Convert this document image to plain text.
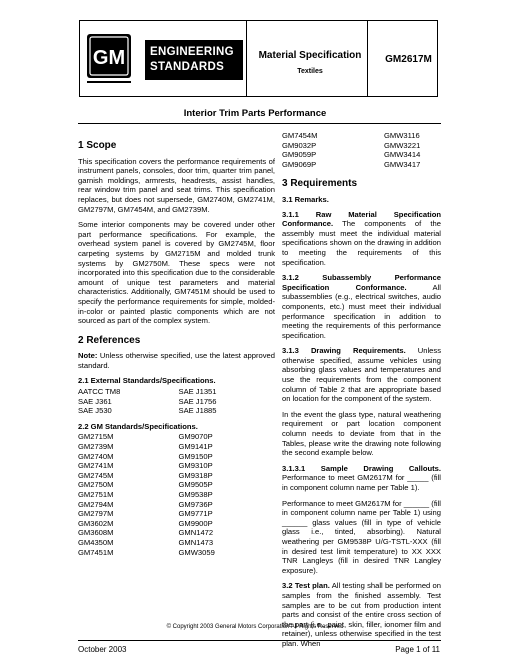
GM ENGINEERING
STANDARDS
Material Specification
Textiles
GM2617M
Interior Trim Parts Performance
1 Scope

This specification covers the performance requirements of instrument panels, consoles, door trim, quarter trim panel, garnish moldings, armrests, headrests, assist handles, rear window trim panel and seat trims. This specification replaces, but does not supersede, GM2740M, GM2741M, GM2797M, GM7454M, and GM2739M.

Some interior components may be covered under other part performance specifications. For example, the overhead system panel is covered by GM2745M, floor carpeting systems by GM2715M and molded trunk systems by GM2750M. These specs were not incorporated into this specification due to the considerable amount of unique test parameters and material characteristics. Additionally, GM7451M should be used to specify the performance requirements for simple, molded-in-color or painted plastic components which are not sourced as part of the complex system.

2 References

Note: Unless otherwise specified, use the latest approved standard.

2.1 External Standards/Specifications.
AATCC TM8	SAE J1351
SAE J361	SAE J1756
SAE J530	SAE J1885
2.2 GM Standards/Specifications.
GM2715M	GM9070P
GM2739M	GM9141P
GM2740M	GM9150P
GM2741M	GM9310P
GM2745M	GM9318P
GM2750M	GM9505P
GM2751M	GM9538P
GM2794M	GM9736P
GM2797M	GM9771P
GM3602M	GM9900P
GM3608M	GMN1472
GM4350M	GMN1473
GM7451M	GMW3059
GM7454M	GMW3116
GM9032P	GMW3221
GM9059P	GMW3414
GM9069P	GMW3417
3 Requirements
3.1 Remarks.

3.1.1 Raw Material Specification Conformance. The components of the assembly must meet the individual material specifications shown on the drawing in addition to meeting the requirements of this specification.

3.1.2 Subassembly Performance Specification Conformance. All subassemblies (e.g., electrical switches, audio components, etc.) must meet their individual performance specification in addition to meeting the requirements of this performance specification.

3.1.3 Drawing Requirements. Unless otherwise specified, assume vehicles using absorbing glass values and temperatures and use the requirements from the component column of Table 2 that are appropriate based on location for the component of the system.

In the event the glass type, natural weathering requirement or part location component column needs to deviate from that in the Tables, please write the drawing note following the second example below.

3.1.3.1 Sample Drawing Callouts. Performance to meet GM2617M for _____ (fill in component column name per Table 1).

Performance to meet GM2617M for ______ (fill in component column name per Table 1) using ______ glass values (fill in type of vehicle glass i.e., tinted, absorbing). Natural weathering per GM9538P U/G-TSTL-XXX (fill in desired test limit temperature) to XX XXX TNR Langleys (fill in desired TNR Langley exposure).

3.2 Test plan. All testing shall be performed on samples from the finished assembly. Test samples are to be cut from production intent parts and consist of the entire cross section of the part (i.e., paint, skin, filler, ionomer film and retainer), unless otherwise specified in the test plan. When

© Copyright 2003 General Motors Corporation All Rights Reserved
October 2003	Page 1 of 11
